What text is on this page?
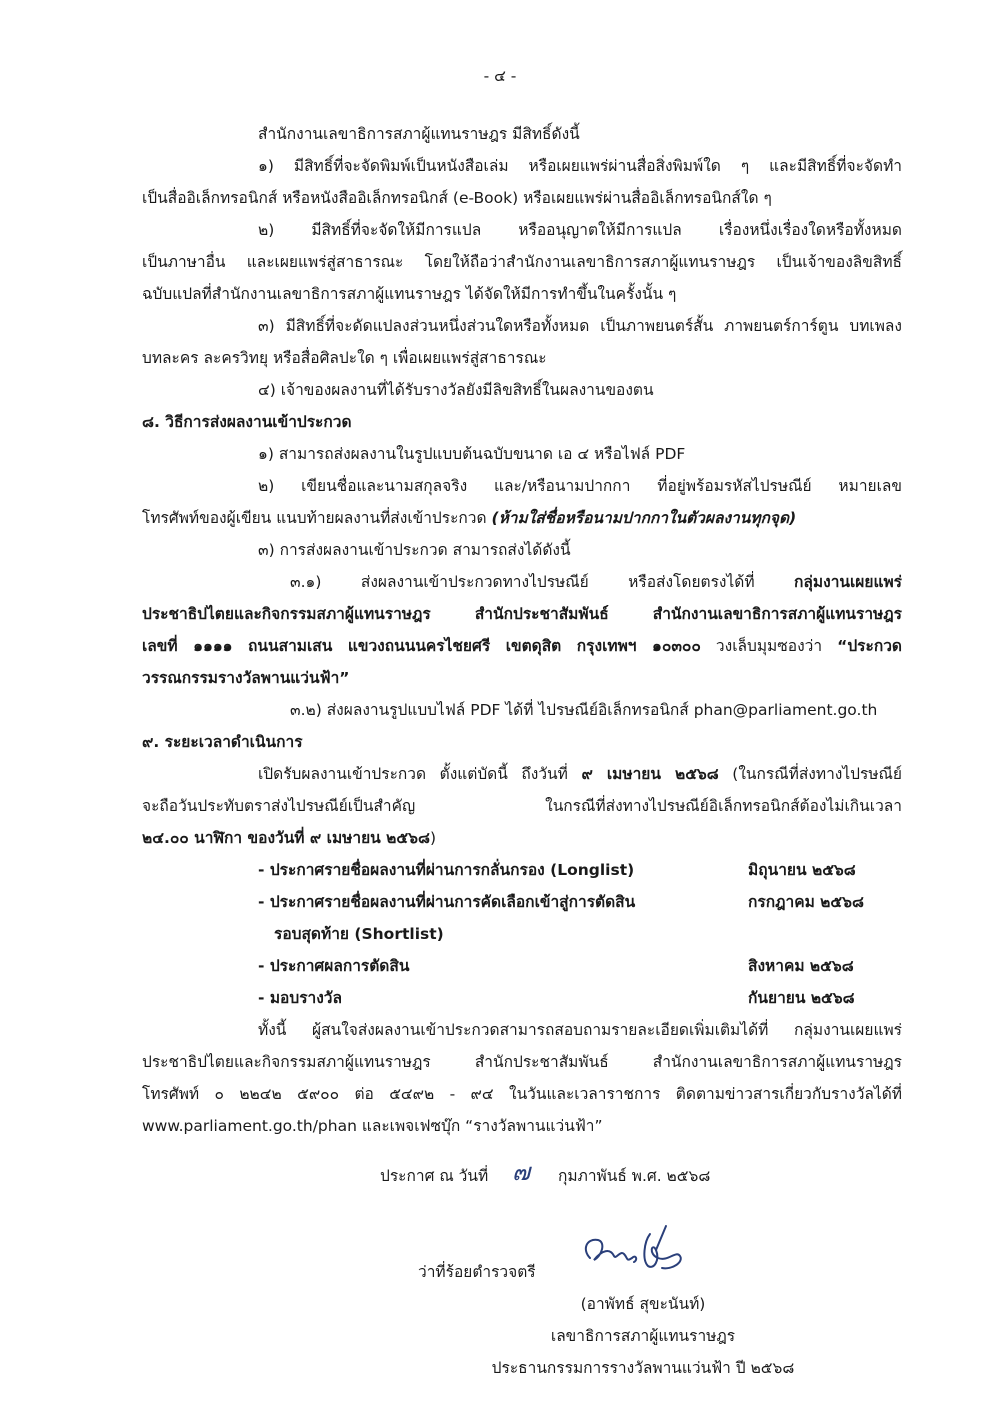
- ๔ -
สำนักงานเลขาธิการสภาผู้แทนราษฎร มีสิทธิ์ดังนี้
๑) มีสิทธิ์ที่จะจัดพิมพ์เป็นหนังสือเล่ม หรือเผยแพร่ผ่านสื่อสิ่งพิมพ์ใด ๆ และมีสิทธิ์ที่จะจัดทำ
เป็นสื่ออิเล็กทรอนิกส์ หรือหนังสืออิเล็กทรอนิกส์ (e-Book) หรือเผยแพร่ผ่านสื่ออิเล็กทรอนิกส์ใด ๆ
๒) มีสิทธิ์ที่จะจัดให้มีการแปล หรืออนุญาตให้มีการแปล เรื่องหนึ่งเรื่องใดหรือทั้งหมด
เป็นภาษาอื่น และเผยแพร่สู่สาธารณะ โดยให้ถือว่าสำนักงานเลขาธิการสภาผู้แทนราษฎร เป็นเจ้าของลิขสิทธิ์
ฉบับแปลที่สำนักงานเลขาธิการสภาผู้แทนราษฎร ได้จัดให้มีการทำขึ้นในครั้งนั้น ๆ
๓) มีสิทธิ์ที่จะดัดแปลงส่วนหนึ่งส่วนใดหรือทั้งหมด เป็นภาพยนตร์สั้น ภาพยนตร์การ์ตูน บทเพลง
บทละคร ละครวิทยุ หรือสื่อศิลปะใด ๆ เพื่อเผยแพร่สู่สาธารณะ
๔) เจ้าของผลงานที่ได้รับรางวัลยังมีลิขสิทธิ์ในผลงานของตน
๘. วิธีการส่งผลงานเข้าประกวด
๑) สามารถส่งผลงานในรูปแบบต้นฉบับขนาด เอ ๔ หรือไฟล์ PDF
๒) เขียนชื่อและนามสกุลจริง และ/หรือนามปากกา ที่อยู่พร้อมรหัสไปรษณีย์ หมายเลข
โทรศัพท์ของผู้เขียน แนบท้ายผลงานที่ส่งเข้าประกวด (ห้ามใส่ชื่อหรือนามปากกาในตัวผลงานทุกจุด)
๓) การส่งผลงานเข้าประกวด สามารถส่งได้ดังนี้
๓.๑) ส่งผลงานเข้าประกวดทางไปรษณีย์ หรือส่งโดยตรงได้ที่ กลุ่มงานเผยแพร่
ประชาธิปไตยและกิจกรรมสภาผู้แทนราษฎร สำนักประชาสัมพันธ์ สำนักงานเลขาธิการสภาผู้แทนราษฎร
เลขที่ ๑๑๑๑ ถนนสามเสน แขวงถนนนครไชยศรี เขตดุสิต กรุงเทพฯ ๑๐๓๐๐ วงเล็บมุมซองว่า “ประกวด
วรรณกรรมรางวัลพานแว่นฟ้า”
๓.๒) ส่งผลงานรูปแบบไฟล์ PDF ได้ที่ ไปรษณีย์อิเล็กทรอนิกส์ phan@parliament.go.th
๙. ระยะเวลาดำเนินการ
เปิดรับผลงานเข้าประกวด ตั้งแต่บัดนี้ ถึงวันที่ ๙ เมษายน ๒๕๖๘ (ในกรณีที่ส่งทางไปรษณีย์
จะถือวันประทับตราส่งไปรษณีย์เป็นสำคัญ ในกรณีที่ส่งทางไปรษณีย์อิเล็กทรอนิกส์ต้องไม่เกินเวลา
๒๔.๐๐ นาฬิกา ของวันที่ ๙ เมษายน ๒๕๖๘)
- ประกาศรายชื่อผลงานที่ผ่านการกลั่นกรอง (Longlist)	มิถุนายน ๒๕๖๘
- ประกาศรายชื่อผลงานที่ผ่านการคัดเลือกเข้าสู่การตัดสิน	กรกฎาคม ๒๕๖๘
รอบสุดท้าย (Shortlist)
- ประกาศผลการตัดสิน	สิงหาคม ๒๕๖๘
- มอบรางวัล	กันยายน ๒๕๖๘
ทั้งนี้ ผู้สนใจส่งผลงานเข้าประกวดสามารถสอบถามรายละเอียดเพิ่มเติมได้ที่ กลุ่มงานเผยแพร่
ประชาธิปไตยและกิจกรรมสภาผู้แทนราษฎร สำนักประชาสัมพันธ์ สำนักงานเลขาธิการสภาผู้แทนราษฎร
โทรศัพท์ ๐ ๒๒๔๒ ๕๙๐๐ ต่อ ๕๔๙๒ - ๙๔ ในวันและเวลาราชการ ติดตามข่าวสารเกี่ยวกับรางวัลได้ที่
www.parliament.go.th/phan และเพจเฟซบุ๊ก “รางวัลพานแว่นฟ้า”
ประกาศ ณ วันที่ ๗ กุมภาพันธ์ พ.ศ. ๒๕๖๘
ว่าที่ร้อยตำรวจตรี
(อาพัทธ์ สุขะนันท์)
เลขาธิการสภาผู้แทนราษฎร
ประธานกรรมการรางวัลพานแว่นฟ้า ปี ๒๕๖๘
